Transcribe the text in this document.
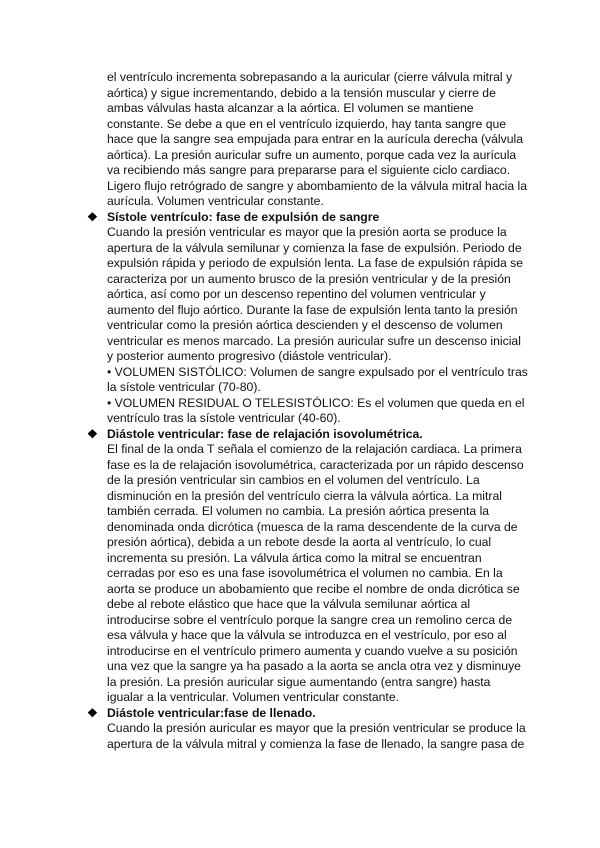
el ventrículo incrementa sobrepasando a la auricular (cierre válvula mitral y
aórtica) y sigue incrementando, debido a la tensión muscular y cierre de
ambas válvulas hasta alcanzar a la aórtica. El volumen se mantiene
constante. Se debe a que en el ventrículo izquierdo, hay tanta sangre que
hace que la sangre sea empujada para entrar en la aurícula derecha (válvula
aórtica). La presión auricular sufre un aumento, porque cada vez la aurícula
va recibiendo más sangre para prepararse para el siguiente ciclo cardiaco.
Ligero flujo retrógrado de sangre y abombamiento de la válvula mitral hacia la
aurícula. Volumen ventricular constante.
❖ Sístole ventrículo: fase de expulsión de sangre
Cuando la presión ventricular es mayor que la presión aorta se produce la
apertura de la válvula semilunar y comienza la fase de expulsión. Periodo de
expulsión rápida y periodo de expulsión lenta. La fase de expulsión rápida se
caracteriza por un aumento brusco de la presión ventricular y de la presión
aórtica, así como por un descenso repentino del volumen ventricular y
aumento del flujo aórtico. Durante la fase de expulsión lenta tanto la presión
ventricular como la presión aórtica descienden y el descenso de volumen
ventricular es menos marcado. La presión auricular sufre un descenso inicial
y posterior aumento progresivo (diástole ventricular).
• VOLUMEN SISTÓLICO: Volumen de sangre expulsado por el ventrículo tras
la sístole ventricular (70-80).
• VOLUMEN RESIDUAL O TELESISTÓLICO: Es el volumen que queda en el
ventrículo tras la sístole ventricular (40-60).
❖ Diástole ventricular: fase de relajación isovolumétrica.
El final de la onda T señala el comienzo de la relajación cardiaca. La primera
fase es la de relajación isovolumétrica, caracterizada por un rápido descenso
de la presión ventricular sin cambios en el volumen del ventrículo. La
disminución en la presión del ventrículo cierra la válvula aórtica. La mitral
también cerrada. El volumen no cambia. La presión aórtica presenta la
denominada onda dicrótica (muesca de la rama descendente de la curva de
presión aórtica), debida a un rebote desde la aorta al ventrículo, lo cual
incrementa su presión. La válvula ártica como la mitral se encuentran
cerradas por eso es una fase isovolumétrica el volumen no cambia. En la
aorta se produce un abobamiento que recibe el nombre de onda dicrótica se
debe al rebote elástico que hace que la válvula semilunar aórtica al
introducirse sobre el ventrículo porque la sangre crea un remolino cerca de
esa válvula y hace que la válvula se introduzca en el vestrículo, por eso al
introducirse en el ventrículo primero aumenta y cuando vuelve a su posición
una vez que la sangre ya ha pasado a la aorta se ancla otra vez y disminuye
la presión. La presión auricular sigue aumentando (entra sangre) hasta
igualar a la ventricular. Volumen ventricular constante.
❖ Diástole ventricular:fase de llenado.
Cuando la presión auricular es mayor que la presión ventricular se produce la
apertura de la válvula mitral y comienza la fase de llenado, la sangre pasa de
